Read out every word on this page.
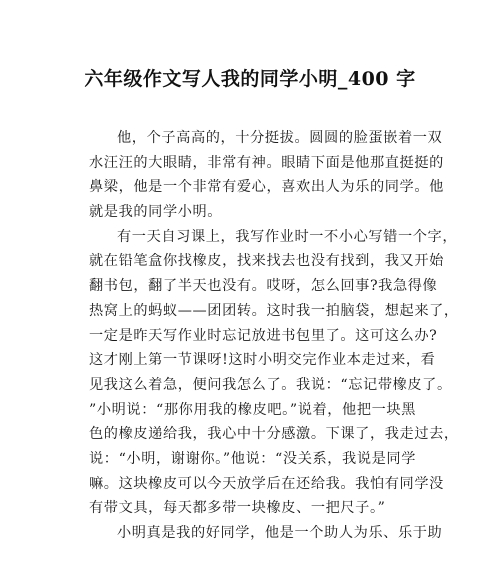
六年级作文写人我的同学小明_400 字
他，个子高高的，十分挺拔。圆圆的脸蛋嵌着一双
水汪汪的大眼睛，非常有神。眼睛下面是他那直挺挺的
鼻梁，他是一个非常有爱心，喜欢出人为乐的同学。他
就是我的同学小明。
有一天自习课上，我写作业时一不小心写错一个字，
就在铅笔盒你找橡皮，找来找去也没有找到，我又开始
翻书包，翻了半天也没有。哎呀，怎么回事?我急得像
热窝上的蚂蚁——团团转。这时我一拍脑袋，想起来了，
一定是昨天写作业时忘记放进书包里了。这可这么办?
这才刚上第一节课呀!这时小明交完作业本走过来，看
见我这么着急，便问我怎么了。我说：“忘记带橡皮了。
”小明说：“那你用我的橡皮吧。”说着，他把一块黑
色的橡皮递给我，我心中十分感激。下课了，我走过去，
说：“小明，谢谢你。”他说：“没关系，我说是同学
嘛。这块橡皮可以今天放学后在还给我。我怕有同学没
有带文具，每天都多带一块橡皮、一把尺子。”
小明真是我的好同学，他是一个助人为乐、乐于助
